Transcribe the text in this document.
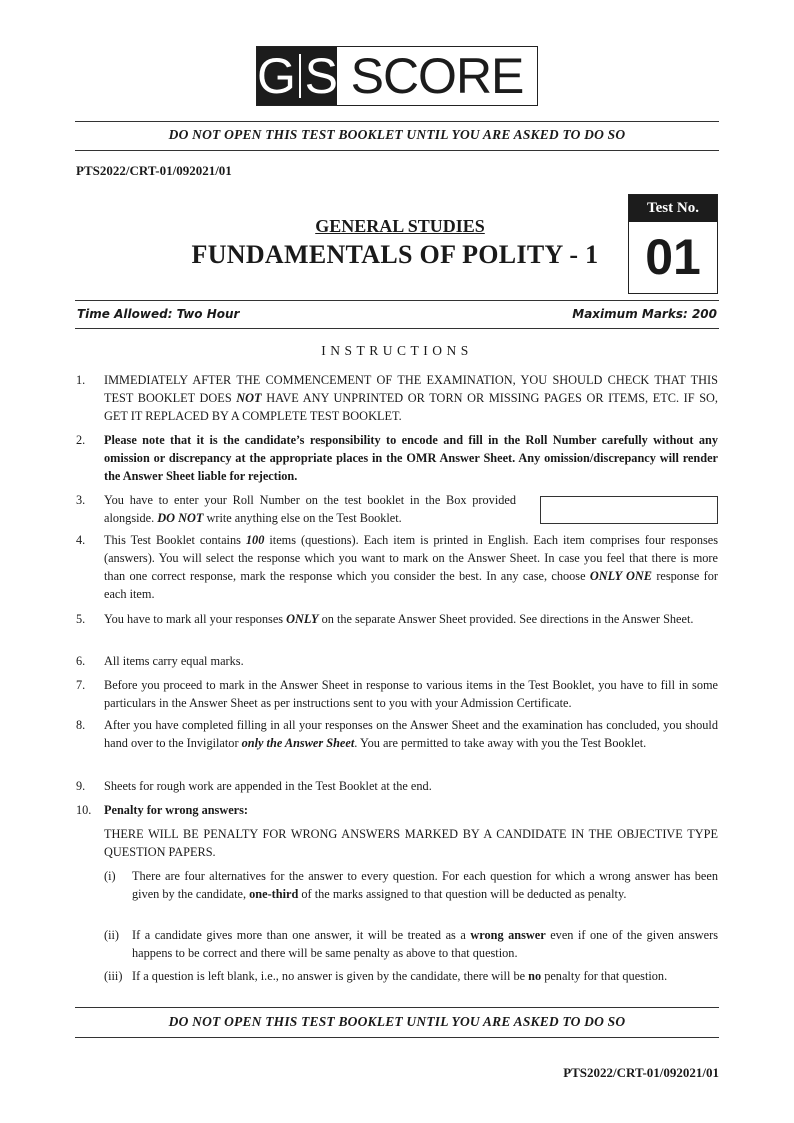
G S SCORE
DO NOT OPEN THIS TEST BOOKLET UNTIL YOU ARE ASKED TO DO SO
PTS2022/CRT-01/092021/01
GENERAL STUDIES
FUNDAMENTALS OF POLITY - 1
Test No.
01
Time Allowed: Two Hour	Maximum Marks: 200
INSTRUCTIONS
1. IMMEDIATELY AFTER THE COMMENCEMENT OF THE EXAMINATION, YOU SHOULD CHECK THAT THIS TEST BOOKLET DOES NOT HAVE ANY UNPRINTED OR TORN OR MISSING PAGES OR ITEMS, ETC. IF SO, GET IT REPLACED BY A COMPLETE TEST BOOKLET.
2. Please note that it is the candidate’s responsibility to encode and fill in the Roll Number carefully without any omission or discrepancy at the appropriate places in the OMR Answer Sheet. Any omission/discrepancy will render the Answer Sheet liable for rejection.
3. You have to enter your Roll Number on the test booklet in the Box provided alongside. DO NOT write anything else on the Test Booklet.
4. This Test Booklet contains 100 items (questions). Each item is printed in English. Each item comprises four responses (answers). You will select the response which you want to mark on the Answer Sheet. In case you feel that there is more than one correct response, mark the response which you consider the best. In any case, choose ONLY ONE response for each item.
5. You have to mark all your responses ONLY on the separate Answer Sheet provided. See directions in the Answer Sheet.
6. All items carry equal marks.
7. Before you proceed to mark in the Answer Sheet in response to various items in the Test Booklet, you have to fill in some particulars in the Answer Sheet as per instructions sent to you with your Admission Certificate.
8. After you have completed filling in all your responses on the Answer Sheet and the examination has concluded, you should hand over to the Invigilator only the Answer Sheet. You are permitted to take away with you the Test Booklet.
9. Sheets for rough work are appended in the Test Booklet at the end.
10. Penalty for wrong answers:
THERE WILL BE PENALTY FOR WRONG ANSWERS MARKED BY A CANDIDATE IN THE OBJECTIVE TYPE QUESTION PAPERS.
(i) There are four alternatives for the answer to every question. For each question for which a wrong answer has been given by the candidate, one-third of the marks assigned to that question will be deducted as penalty.
(ii) If a candidate gives more than one answer, it will be treated as a wrong answer even if one of the given answers happens to be correct and there will be same penalty as above to that question.
(iii) If a question is left blank, i.e., no answer is given by the candidate, there will be no penalty for that question.
DO NOT OPEN THIS TEST BOOKLET UNTIL YOU ARE ASKED TO DO SO
PTS2022/CRT-01/092021/01
